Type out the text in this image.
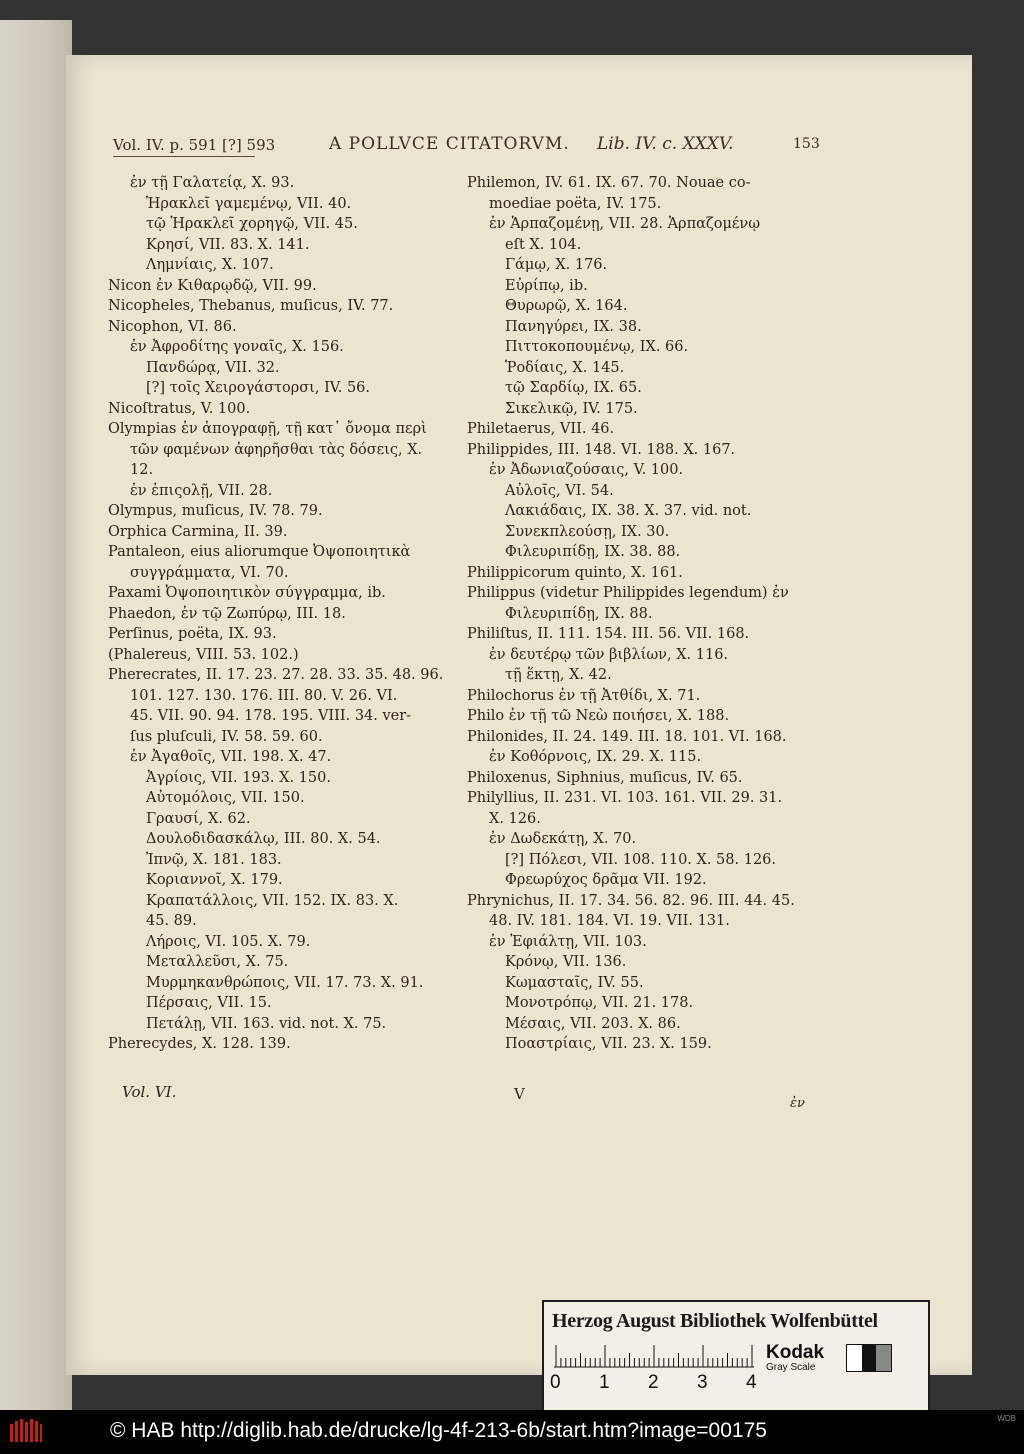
Vol. IV. p. 591 [?] 593	A POLLVCE CITATORVM. Lib. IV. c. XXXV.	153
ἐν τῇ Γαλατείᾳ, X. 93.
Ἡρακλεῖ γαμεμένῳ, VII. 40.
τῷ Ἡρακλεῖ χορηγῷ, VII. 45.
Κρησί, VII. 83. X. 141.
Λημνίαις, X. 107.
Nicon ἐν Κιθαρῳδῷ, VII. 99.
Nicopheles, Thebanus, muſicus, IV. 77.
Nicophon, VI. 86.
ἐν Ἀφροδίτης γοναῖς, X. 156.
Πανδώρᾳ, VII. 32.
[?] τοῖς Χειρογάστορσι, IV. 56.
Nicoſtratus, V. 100.
Olympias ἐν ἀπογραφῇ, τῇ κατ᾽ ὄνομα περὶ
τῶν φαμένων ἀφηρῆσθαι τὰς δόσεις, X.
12.
ἐν ἐπιςολῇ, VII. 28.
Olympus, muſicus, IV. 78. 79.
Orphica Carmina, II. 39.
Pantaleon, eius aliorumque Ὀψοποιητικὰ
συγγράμματα, VI. 70.
Paxami Ὀψοποιητικὸν σύγγραμμα, ib.
Phaedon, ἐν τῷ Ζωπύρῳ, III. 18.
Perſinus, poëta, IX. 93.
(Phalereus, VIII. 53. 102.)
Pherecrates, II. 17. 23. 27. 28. 33. 35. 48. 96.
101. 127. 130. 176. III. 80. V. 26. VI.
45. VII. 90. 94. 178. 195. VIII. 34. ver-
ſus pluſculi, IV. 58. 59. 60.
ἐν Ἀγαθοῖς, VII. 198. X. 47.
Ἀγρίοις, VII. 193. X. 150.
Αὐτομόλοις, VII. 150.
Γραυσί, X. 62.
Δουλοδιδασκάλῳ, III. 80. X. 54.
Ἰπνῷ, X. 181. 183.
Κοριαννοῖ, X. 179.
Κραπατάλλοις, VII. 152. IX. 83. X.
45. 89.
Λήροις, VI. 105. X. 79.
Μεταλλεῦσι, X. 75.
Μυρμηκανθρώποις, VII. 17. 73. X. 91.
Πέρσαις, VII. 15.
Πετάλῃ, VII. 163. vid. not. X. 75.
Pherecydes, X. 128. 139.
Philemon, IV. 61. IX. 67. 70. Nouae co-
moediae poëta, IV. 175.
ἐν Ἁρπαζομένῃ, VII. 28. Ἁρπαζομένῳ
eſt X. 104.
Γάμῳ, X. 176.
Εὐρίπῳ, ib.
Θυρωρῷ, X. 164.
Πανηγύρει, IX. 38.
Πιττοκοπουμένῳ, IX. 66.
Ῥοδίαις, X. 145.
τῷ Σαρδίῳ, IX. 65.
Σικελικῷ, IV. 175.
Philetaerus, VII. 46.
Philippides, III. 148. VI. 188. X. 167.
ἐν Ἀδωνιαζούσαις, V. 100.
Αὐλοῖς, VI. 54.
Λακιάδαις, IX. 38. X. 37. vid. not.
Συνεκπλεούσῃ, IX. 30.
Φιλευριπίδῃ, IX. 38. 88.
Philippicorum quinto, X. 161.
Philippus (videtur Philippides legendum) ἐν
Φιλευριπίδῃ, IX. 88.
Philiſtus, II. 111. 154. III. 56. VII. 168.
ἐν δευτέρῳ τῶν βιβλίων, X. 116.
τῇ ἕκτῃ, X. 42.
Philochorus ἐν τῇ Ἀτθίδι, X. 71.
Philo ἐν τῇ τῶ Νεὼ ποιήσει, X. 188.
Philonides, II. 24. 149. III. 18. 101. VI. 168.
ἐν Κοθόρνοις, IX. 29. X. 115.
Philoxenus, Siphnius, muſicus, IV. 65.
Philyllius, II. 231. VI. 103. 161. VII. 29. 31.
X. 126.
ἐν Δωδεκάτῃ, X. 70.
[?] Πόλεσι, VII. 108. 110. X. 58. 126.
Φρεωρύχος δρᾶμα VII. 192.
Phrynichus, II. 17. 34. 56. 82. 96. III. 44. 45.
48. IV. 181. 184. VI. 19. VII. 131.
ἐν Ἐφιάλτῃ, VII. 103.
Κρόνῳ, VII. 136.
Κωμασταῖς, IV. 55.
Μονοτρόπῳ, VII. 21. 178.
Μέσαις, VII. 203. X. 86.
Ποαστρίαις, VII. 23. X. 159.
Vol. VI.	V
ἐν
Herzog August Bibliothek Wolfenbüttel
0 1 2 3 4
Kodak
Gray Scale
© HAB http://diglib.hab.de/drucke/lg-4f-213-6b/start.htm?image=00175
WDB
